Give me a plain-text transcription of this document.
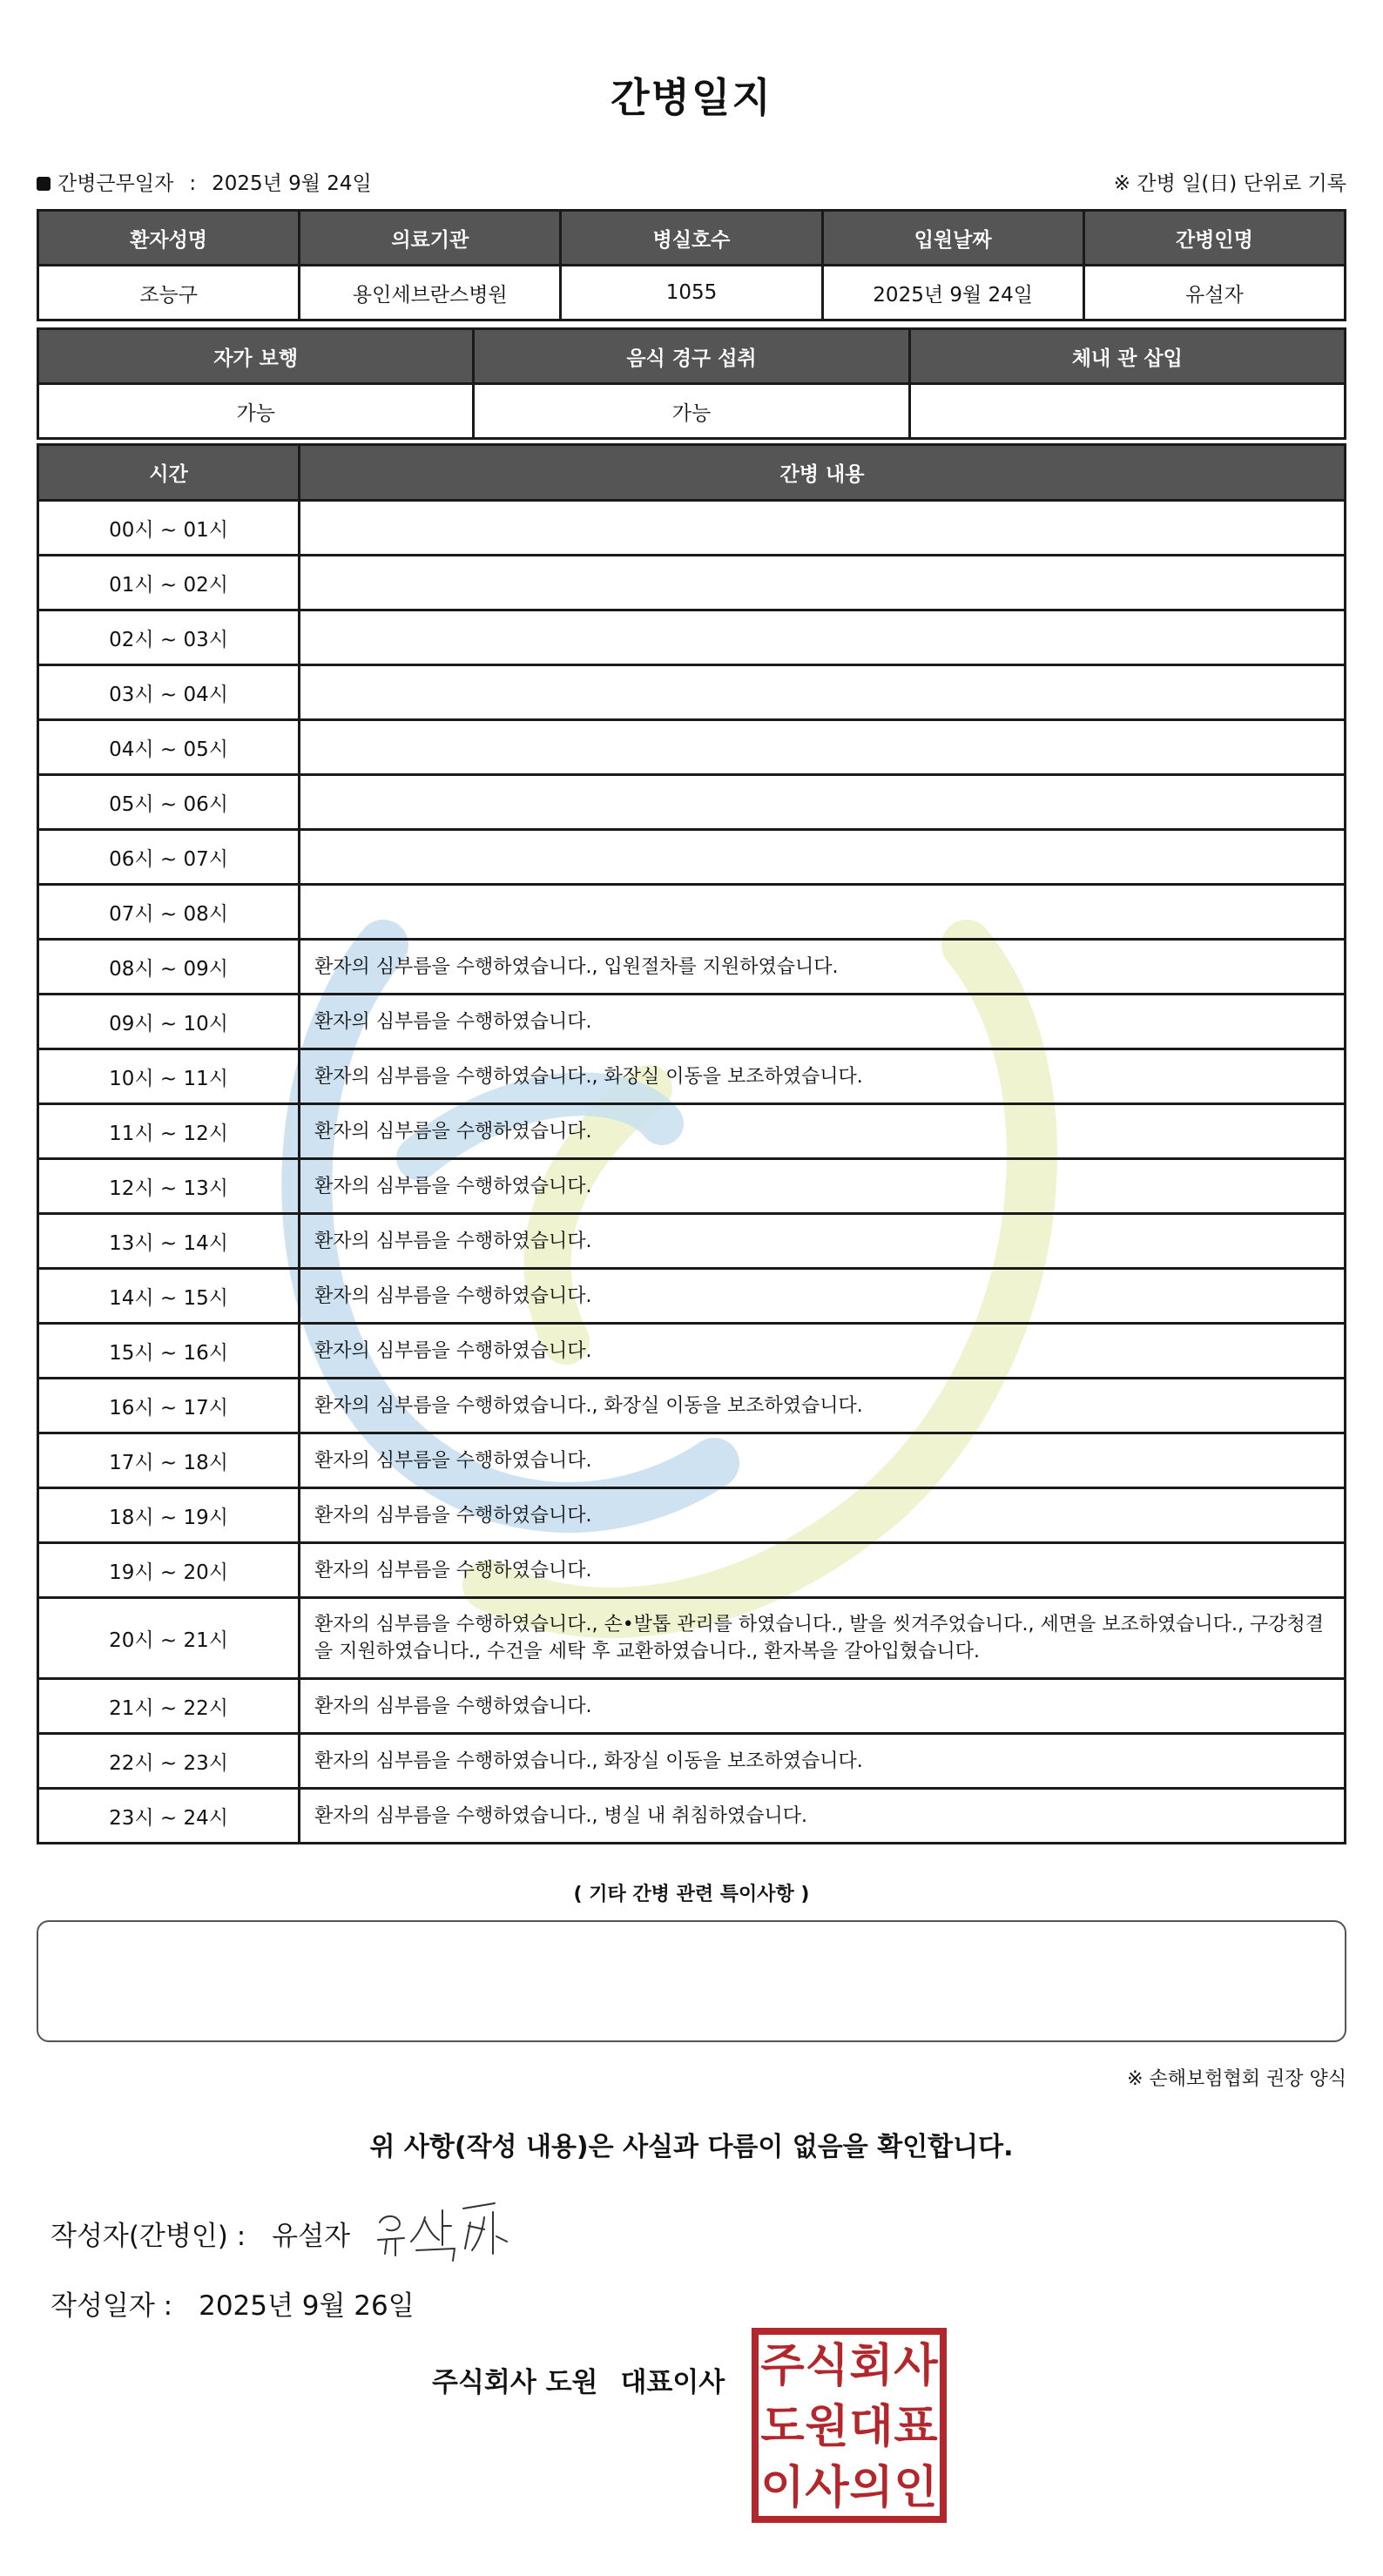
간병일지
간병근무일자 : 2025년 9월 24일	※ 간병 일(日) 단위로 기록
환자성명	의료기관	병실호수	입원날짜	간병인명
조능구	용인세브란스병원	1055	2025년 9월 24일	유설자
자가 보행	음식 경구 섭취	체내 관 삽입
가능	가능	
시간	간병 내용
00시 ~ 01시	
01시 ~ 02시	
02시 ~ 03시	
03시 ~ 04시	
04시 ~ 05시	
05시 ~ 06시	
06시 ~ 07시	
07시 ~ 08시	
08시 ~ 09시	환자의 심부름을 수행하였습니다., 입원절차를 지원하였습니다.
09시 ~ 10시	환자의 심부름을 수행하였습니다.
10시 ~ 11시	환자의 심부름을 수행하였습니다., 화장실 이동을 보조하였습니다.
11시 ~ 12시	환자의 심부름을 수행하였습니다.
12시 ~ 13시	환자의 심부름을 수행하였습니다.
13시 ~ 14시	환자의 심부름을 수행하였습니다.
14시 ~ 15시	환자의 심부름을 수행하였습니다.
15시 ~ 16시	환자의 심부름을 수행하였습니다.
16시 ~ 17시	환자의 심부름을 수행하였습니다., 화장실 이동을 보조하였습니다.
17시 ~ 18시	환자의 심부름을 수행하였습니다.
18시 ~ 19시	환자의 심부름을 수행하였습니다.
19시 ~ 20시	환자의 심부름을 수행하였습니다.
20시 ~ 21시	환자의 심부름을 수행하였습니다., 손•발톱 관리를 하였습니다., 발을 씻겨주었습니다., 세면을 보조하였습니다., 구강청결을 지원하였습니다., 수건을 세탁 후 교환하였습니다., 환자복을 갈아입혔습니다.
21시 ~ 22시	환자의 심부름을 수행하였습니다.
22시 ~ 23시	환자의 심부름을 수행하였습니다., 화장실 이동을 보조하였습니다.
23시 ~ 24시	환자의 심부름을 수행하였습니다., 병실 내 취침하였습니다.
( 기타 간병 관련 특이사항 )
※ 손해보험협회 권장 양식
위 사항(작성 내용)은 사실과 다름이 없음을 확인합니다.
작성자(간병인) : 유설자
작성일자 : 2025년 9월 26일
주식회사 도원 대표이사 주 식 회 사
도 원 대 표
이 사 의 인
